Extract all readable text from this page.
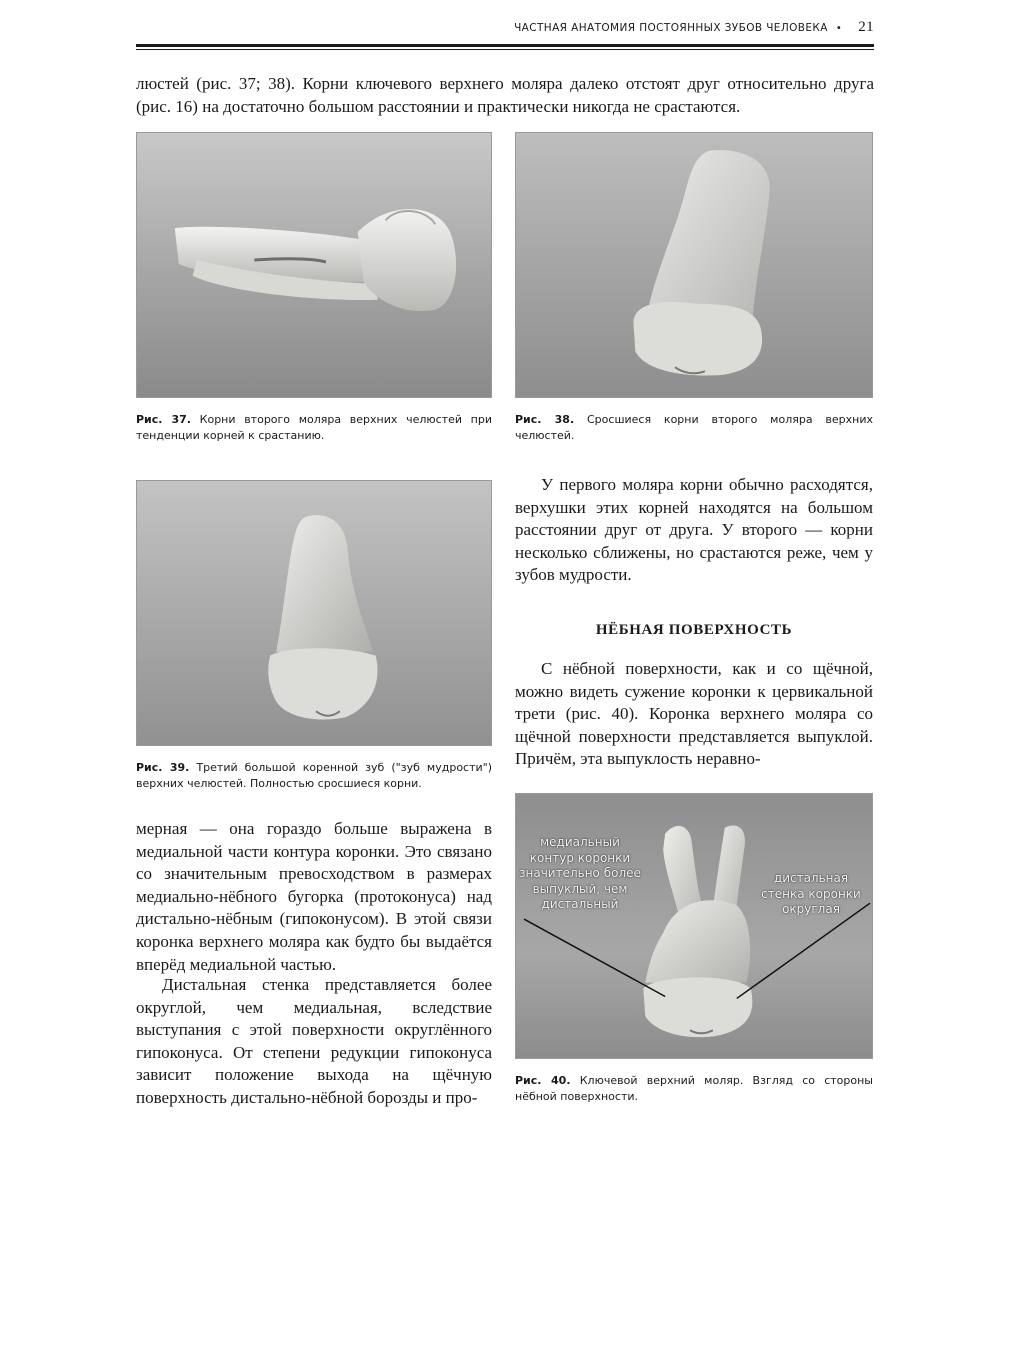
ЧАСТНАЯ АНАТОМИЯ ПОСТОЯННЫХ ЗУБОВ ЧЕЛОВЕКА • 21

люстей (рис. 37; 38). Корни ключевого верхнего моляра далеко отстоят друг относительно друга (рис. 16) на достаточно большом расстоянии и практически никогда не срастаются.

Рис. 37. Корни второго моляра верхних челюстей при тенденции корней к срастанию.

Рис. 38. Сросшиеся корни второго моляра верхних челюстей.

Рис. 39. Третий большой коренной зуб ("зуб мудрости") верхних челюстей. Полностью сросшиеся корни.

У первого моляра корни обычно расходятся, верхушки этих корней находятся на большом расстоянии друг от друга. У второго — корни несколько сближены, но срастаются реже, чем у зубов мудрости.

НЁБНАЯ ПОВЕРХНОСТЬ

С нёбной поверхности, как и со щёчной, можно видеть сужение коронки к цервикальной трети (рис. 40). Коронка верхнего моляра со щёчной поверхности представляется выпуклой. Причём, эта выпуклость неравно-

медиальный контур коронки значительно более выпуклый, чем дистальный
дистальная стенка коронки округлая

Рис. 40. Ключевой верхний моляр. Взгляд со стороны нёбной поверхности.

мерная — она гораздо больше выражена в медиальной части контура коронки. Это связано со значительным превосходством в размерах медиально-нёбного бугорка (протоконуса) над дистально-нёбным (гипоконусом). В этой связи коронка верхнего моляра как будто бы выдаётся вперёд медиальной частью.

Дистальная стенка представляется более округлой, чем медиальная, вследствие выступания с этой поверхности округлённого гипоконуса. От степени редукции гипоконуса зависит положение выхода на щёчную поверхность дистально-нёбной борозды и про-
